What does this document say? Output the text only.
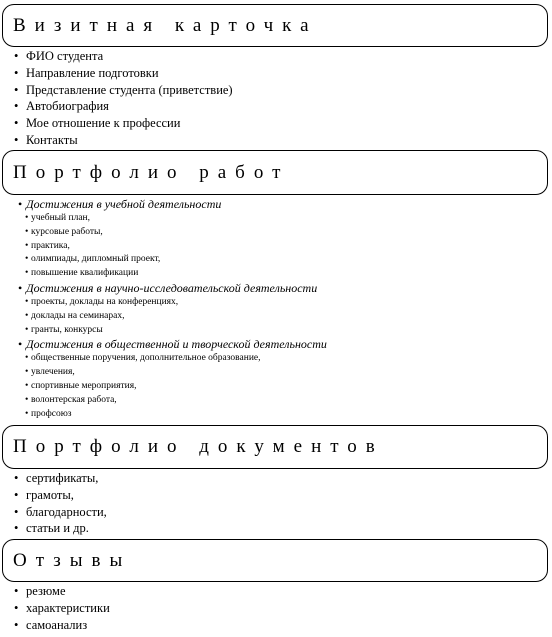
Визитная карточка
• ФИО студента
• Направление подготовки
• Представление студента (приветствие)
• Автобиография
• Мое отношение к профессии
• Контакты
Портфолио работ
• Достижения в учебной деятельности
• учебный план,
• курсовые работы,
• практика,
• олимпиады, дипломный проект,
• повышение квалификации
• Достижения в научно-исследовательской деятельности
• проекты, доклады на конференциях,
• доклады на семинарах,
• гранты, конкурсы
• Достижения в общественной и творческой деятельности
• общественные поручения, дополнительное образование,
• увлечения,
• спортивные мероприятия,
• волонтерская работа,
• профсоюз
Портфолио документов
• сертификаты,
• грамоты,
• благодарности,
• статьи и др.
Отзывы
• резюме
• характеристики
• самоанализ
